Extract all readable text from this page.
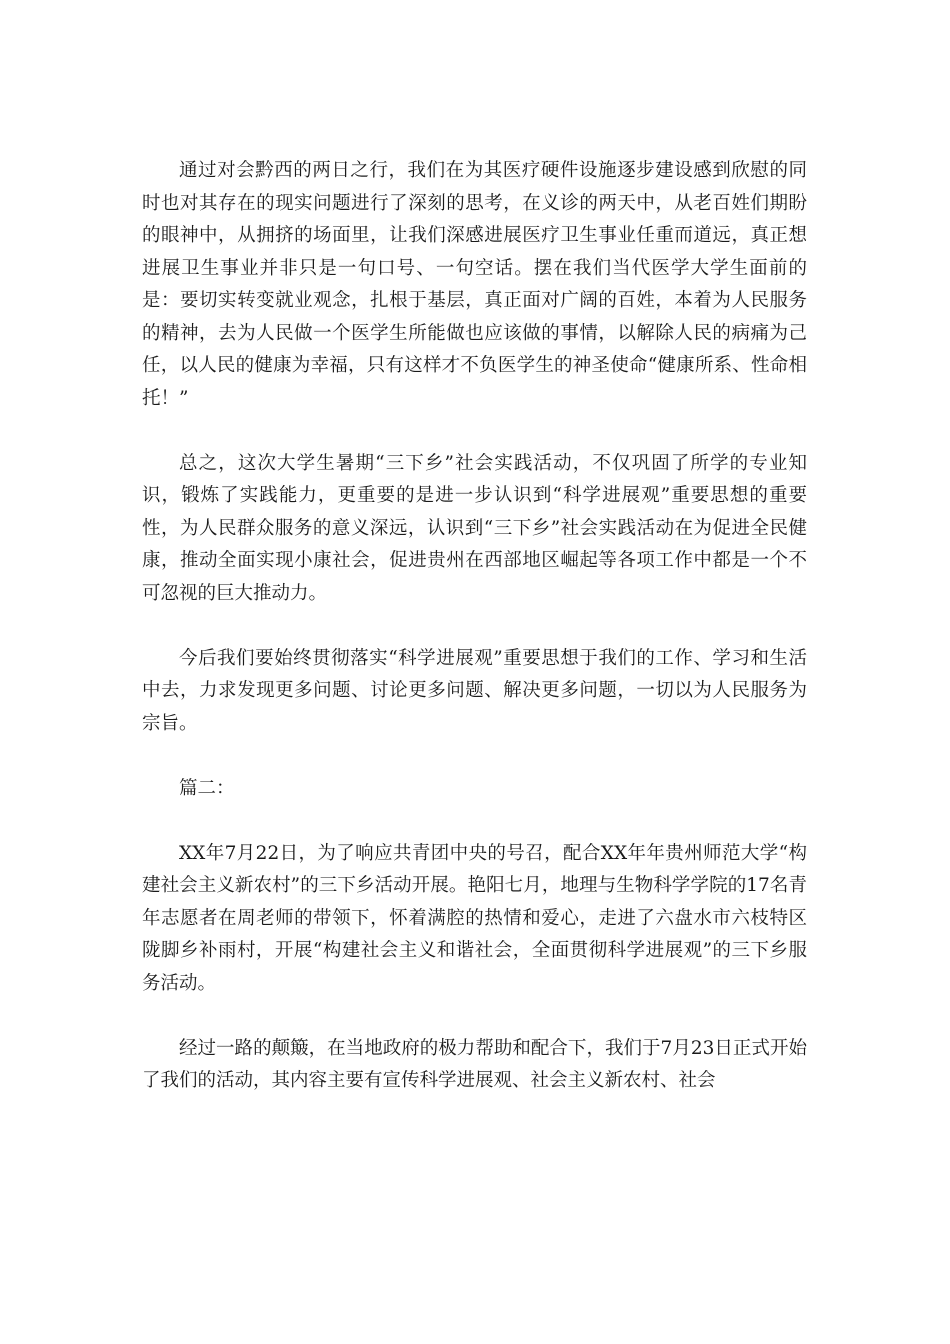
通过对会黔西的两日之行，我们在为其医疗硬件设施逐步建设感到欣慰的同时也对其存在的现实问题进行了深刻的思考，在义诊的两天中，从老百姓们期盼的眼神中，从拥挤的场面里，让我们深感进展医疗卫生事业任重而道远，真正想进展卫生事业并非只是一句口号、一句空话。摆在我们当代医学大学生面前的是：要切实转变就业观念，扎根于基层，真正面对广阔的百姓，本着为人民服务的精神，去为人民做一个医学生所能做也应该做的事情，以解除人民的病痛为己任，以人民的健康为幸福，只有这样才不负医学生的神圣使命“健康所系、性命相托！”

总之，这次大学生暑期“三下乡”社会实践活动，不仅巩固了所学的专业知识，锻炼了实践能力，更重要的是进一步认识到“科学进展观”重要思想的重要性，为人民群众服务的意义深远，认识到“三下乡”社会实践活动在为促进全民健康，推动全面实现小康社会，促进贵州在西部地区崛起等各项工作中都是一个不可忽视的巨大推动力。

今后我们要始终贯彻落实“科学进展观”重要思想于我们的工作、学习和生活中去，力求发现更多问题、讨论更多问题、解决更多问题，一切以为人民服务为宗旨。

篇二：

XX年7月22日，为了响应共青团中央的号召，配合XX年年贵州师范大学“构建社会主义新农村”的三下乡活动开展。艳阳七月，地理与生物科学学院的17名青年志愿者在周老师的带领下，怀着满腔的热情和爱心，走进了六盘水市六枝特区陇脚乡补雨村，开展“构建社会主义和谐社会，全面贯彻科学进展观”的三下乡服务活动。

经过一路的颠簸，在当地政府的极力帮助和配合下，我们于7月23日正式开始了我们的活动，其内容主要有宣传科学进展观、社会主义新农村、社会
